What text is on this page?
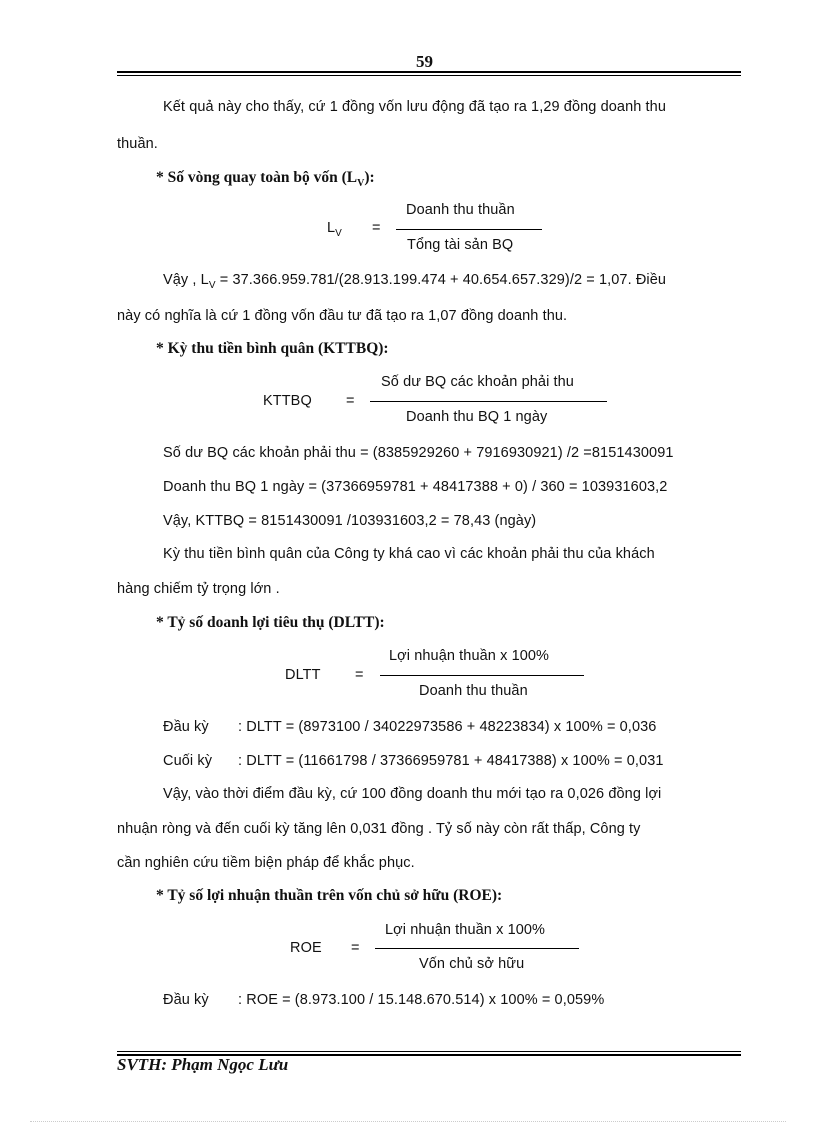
59
Kết quả này cho thấy, cứ 1 đồng vốn lưu động đã tạo ra 1,29 đồng doanh thu
thuần.
* Số vòng quay toàn bộ vốn $(L_V)$:
$L_V$ =
Doanh thu thuần
Tổng tài sản BQ
Vậy , $L_V = 37.366.959.781/(28.913.199.474 + 40.654.657.329)/2 = 1,07$. Điều
này có nghĩa là cứ 1 đồng vốn đầu tư đã tạo ra 1,07 đồng doanh thu.
* Kỳ thu tiền bình quân (KTTBQ):
KTTBQ =
Số dư BQ các khoản phải thu
Doanh thu BQ 1 ngày
Số dư BQ các khoản phải thu = (8385929260 + 7916930921) /2 =8151430091
Doanh thu BQ 1 ngày = (37366959781 + 48417388 + 0) / 360 = 103931603,2
Vậy, KTTBQ = 8151430091 /103931603,2 = 78,43 (ngày)
Kỳ thu tiền bình quân của Công ty khá cao vì các khoản phải thu của khách
hàng chiếm tỷ trọng lớn .
* Tỷ số doanh lợi tiêu thụ (DLTT):
DLTT =
Lợi nhuận thuần x 100%
Doanh thu thuần
Đầu kỳ : DLTT = (8973100 / 34022973586 + 48223834) x 100% = 0,036
Cuối kỳ : DLTT = (11661798 / 37366959781 + 48417388) x 100% = 0,031
Vậy, vào thời điểm đầu kỳ, cứ 100 đồng doanh thu mới tạo ra 0,026 đồng lợi
nhuận ròng và đến cuối kỳ tăng lên 0,031 đồng . Tỷ số này còn rất thấp, Công ty
cần nghiên cứu tiềm biện pháp để khắc phục.
* Tỷ số lợi nhuận thuần trên vốn chủ sở hữu (ROE):
ROE =
Lợi nhuận thuần x 100%
Vốn chủ sở hữu
Đầu kỳ : ROE = (8.973.100 / 15.148.670.514) x 100% = 0,059%
SVTH: Phạm Ngọc Lưu
